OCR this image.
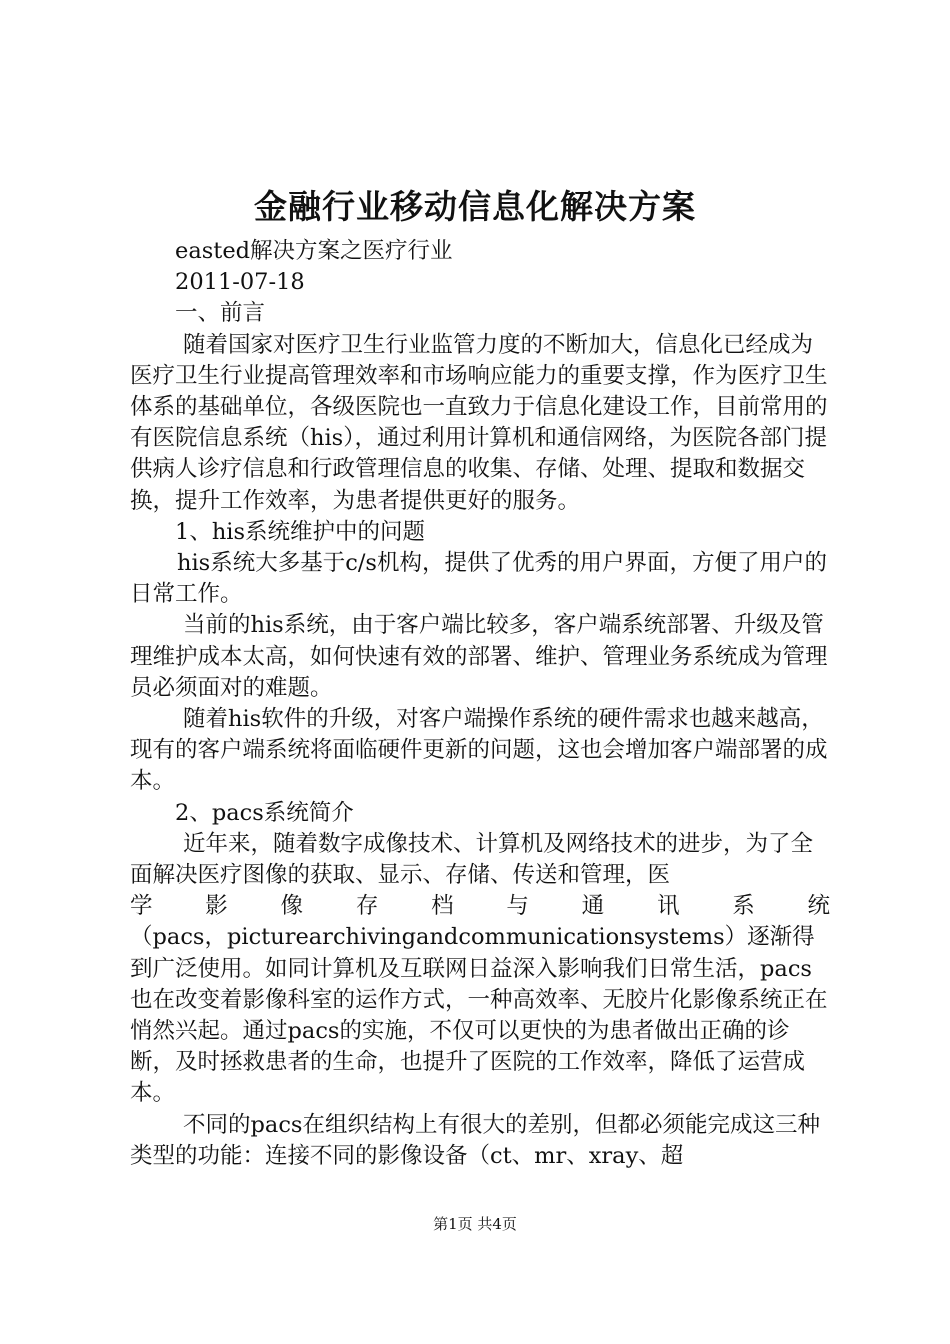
金融行业移动信息化解决方案

easted解决方案之医疗行业

2011-07-18

一、前言

随着国家对医疗卫生行业监管力度的不断加大，信息化已经成为医疗卫生行业提高管理效率和市场响应能力的重要支撑，作为医疗卫生体系的基础单位，各级医院也一直致力于信息化建设工作，目前常用的有医院信息系统（his），通过利用计算机和通信网络，为医院各部门提供病人诊疗信息和行政管理信息的收集、存储、处理、提取和数据交换，提升工作效率，为患者提供更好的服务。

1、his系统维护中的问题

his系统大多基于c/s机构，提供了优秀的用户界面，方便了用户的日常工作。

当前的his系统，由于客户端比较多，客户端系统部署、升级及管理维护成本太高，如何快速有效的部署、维护、管理业务系统成为管理员必须面对的难题。

随着his软件的升级，对客户端操作系统的硬件需求也越来越高，现有的客户端系统将面临硬件更新的问题，这也会增加客户端部署的成本。

2、pacs系统简介

近年来，随着数字成像技术、计算机及网络技术的进步，为了全面解决医疗图像的获取、显示、存储、传送和管理，医

学 影 像 存 档 与 通 讯 系 统

（pacs，picturearchivingandcommunicationsystems）逐渐得到广泛使用。如同计算机及互联网日益深入影响我们日常生活，pacs也在改变着影像科室的运作方式，一种高效率、无胶片化影像系统正在悄然兴起。通过pacs的实施，不仅可以更快的为患者做出正确的诊断，及时拯救患者的生命，也提升了医院的工作效率，降低了运营成本。

不同的pacs在组织结构上有很大的差别，但都必须能完成这三种类型的功能：连接不同的影像设备（ct、mr、xray、超

第1页 共4页
